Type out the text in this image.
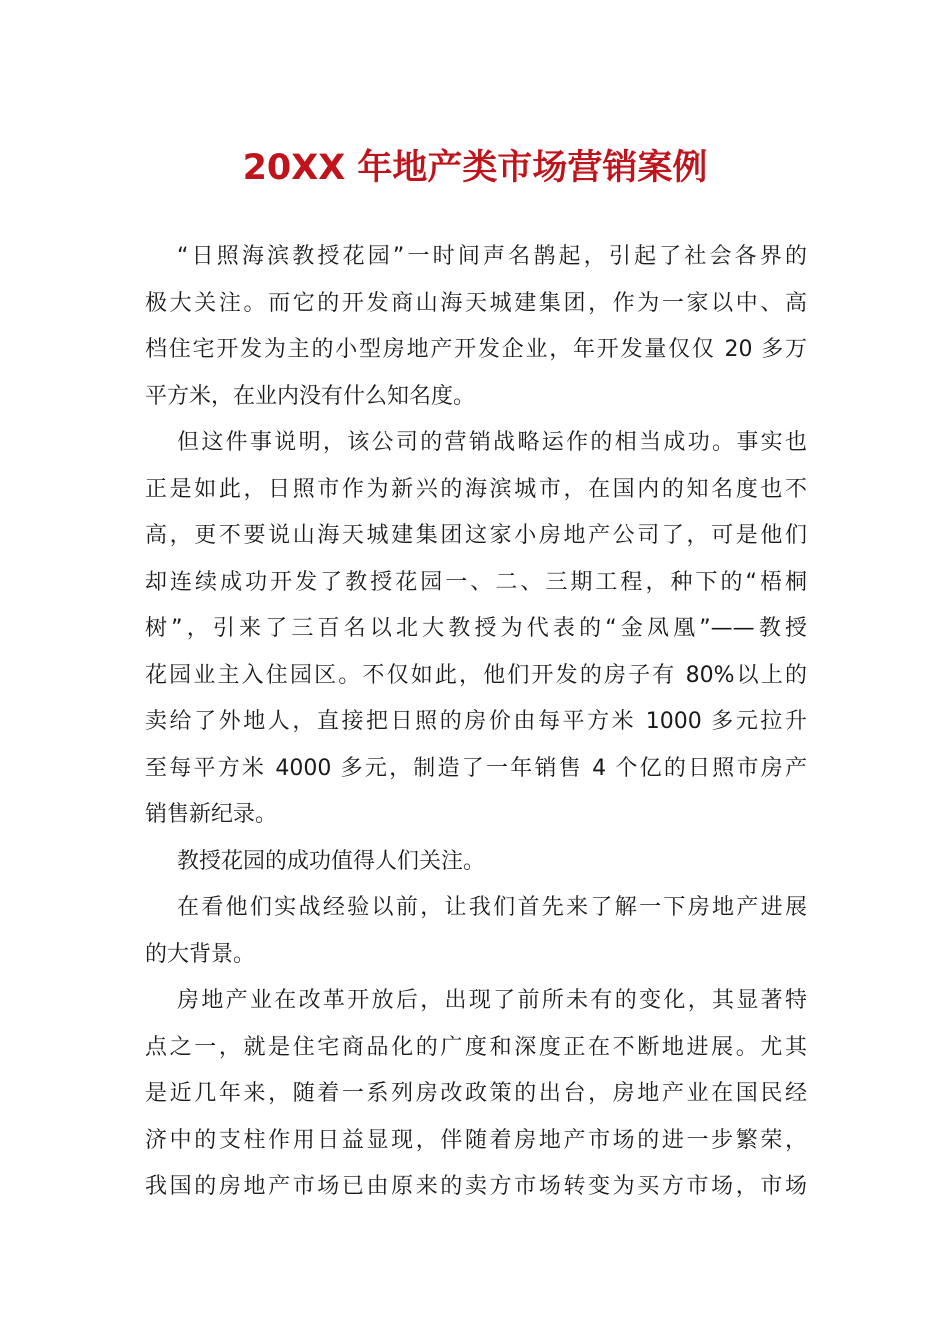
20XX 年地产类市场营销案例
“日照海滨教授花园”一时间声名鹊起，引起了社会各界的
极大关注。而它的开发商山海天城建集团，作为一家以中、高
档住宅开发为主的小型房地产开发企业，年开发量仅仅 20 多万
平方米，在业内没有什么知名度。
但这件事说明，该公司的营销战略运作的相当成功。事实也
正是如此，日照市作为新兴的海滨城市，在国内的知名度也不
高，更不要说山海天城建集团这家小房地产公司了，可是他们
却连续成功开发了教授花园一、二、三期工程，种下的“梧桐
树”，引来了三百名以北大教授为代表的“金凤凰”——教授
花园业主入住园区。不仅如此，他们开发的房子有 80%以上的
卖给了外地人，直接把日照的房价由每平方米 1000 多元拉升
至每平方米 4000 多元，制造了一年销售 4 个亿的日照市房产
销售新纪录。
教授花园的成功值得人们关注。
在看他们实战经验以前，让我们首先来了解一下房地产进展
的大背景。
房地产业在改革开放后，出现了前所未有的变化，其显著特
点之一，就是住宅商品化的广度和深度正在不断地进展。尤其
是近几年来，随着一系列房改政策的出台，房地产业在国民经
济中的支柱作用日益显现，伴随着房地产市场的进一步繁荣，
我国的房地产市场已由原来的卖方市场转变为买方市场，市场
